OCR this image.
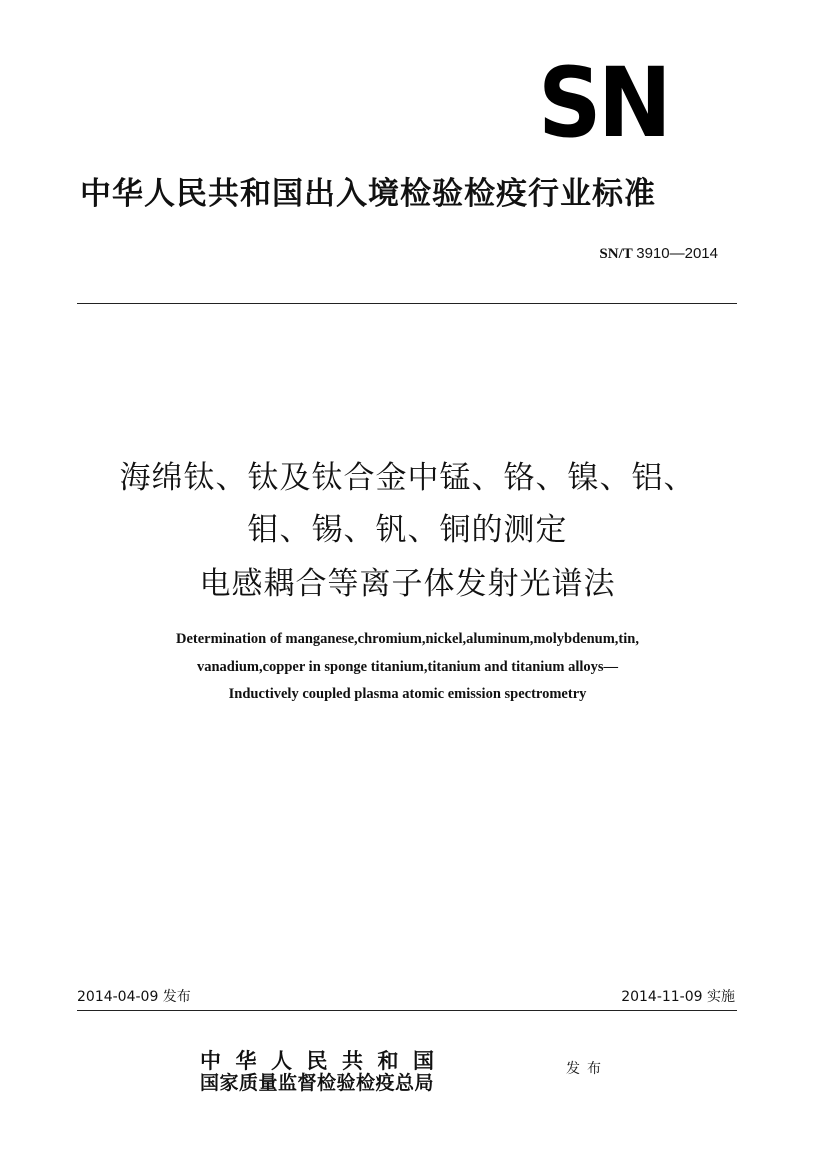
SN
中华人民共和国出入境检验检疫行业标准
SN/T 3910—2014
海绵钛、钛及钛合金中锰、铬、镍、铝、
钼、锡、钒、铜的测定
电感耦合等离子体发射光谱法
Determination of manganese,chromium,nickel,aluminum,molybdenum,tin,
vanadium,copper in sponge titanium,titanium and titanium alloys—
Inductively coupled plasma atomic emission spectrometry
2014-04-09 发布	2014-11-09 实施
中华人民共和国
国家质量监督检验检疫总局
发布
